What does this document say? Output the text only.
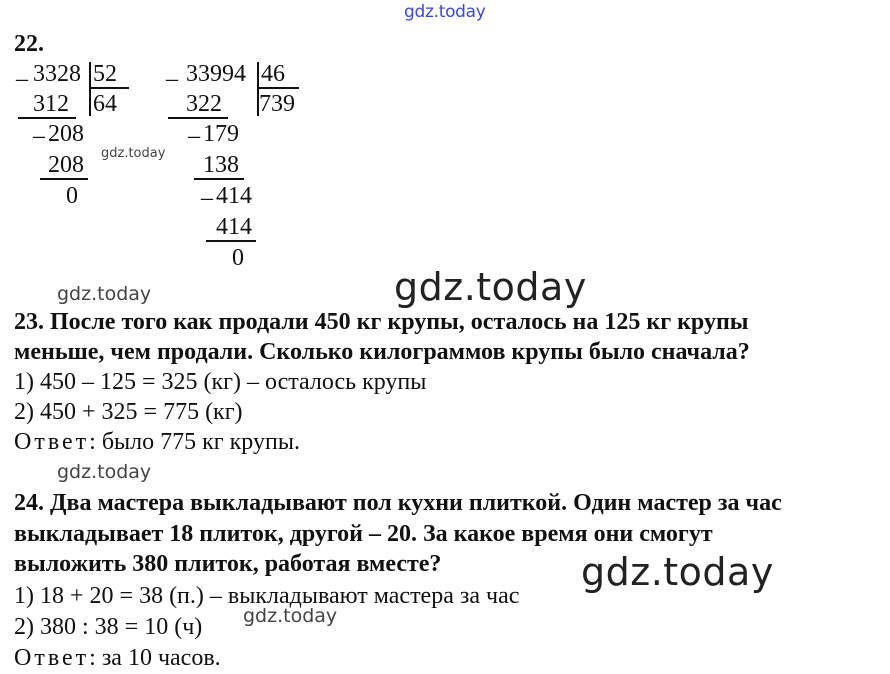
gdz.today
22.
_ 3328 52
312 64
_ 208
208
0
gdz.today
_ 33994 46
322 739
_ 179
138
_ 414
414
0
gdz.today
gdz.today
23. После того как продали 450 кг крупы, осталось на 125 кг крупы
меньше, чем продали. Сколько килограммов крупы было сначала?
1) 450 – 125 = 325 (кг) – осталось крупы
2) 450 + 325 = 775 (кг)
Ответ: было 775 кг крупы.
gdz.today
24. Два мастера выкладывают пол кухни плиткой. Один мастер за час
выкладывает 18 плиток, другой – 20. За какое время они смогут
выложить 380 плиток, работая вместе?	gdz.today
1) 18 + 20 = 38 (п.) – выкладывают мастера за час
2) 380 : 38 = 10 (ч) gdz.today
Ответ: за 10 часов.
